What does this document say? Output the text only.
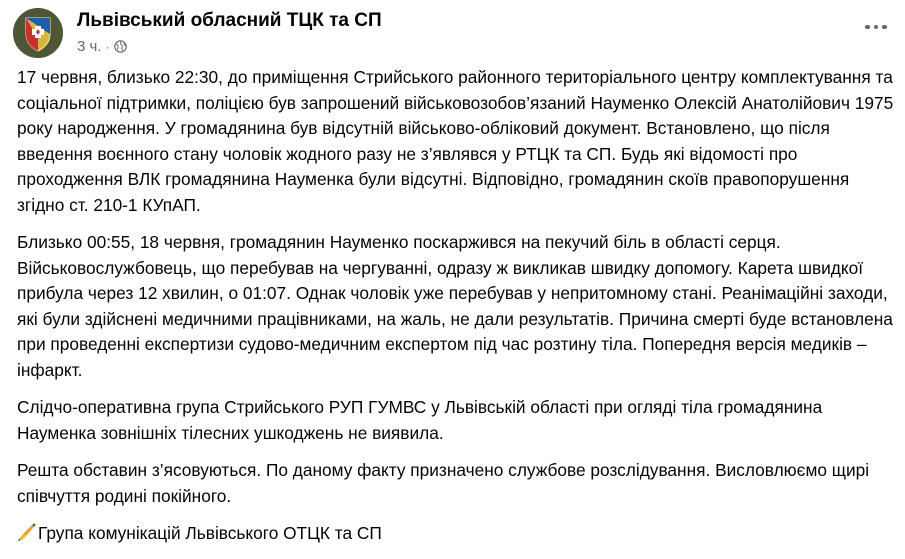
Львівський обласний ТЦК та СП
3 ч. ·

17 червня, близько 22:30, до приміщення Стрийського районного територіального центру комплектування та соціальної підтримки, поліцією був запрошений військовозобов’язаний Науменко Олексій Анатолійович 1975 року народження. У громадянина був відсутній військово-обліковий документ. Встановлено, що після введення воєнного стану чоловік жодного разу не з’являвся у РТЦК та СП. Будь які відомості про проходження ВЛК громадянина Науменка були відсутні. Відповідно, громадянин скоїв правопорушення згідно ст. 210-1 КУпАП.

Близько 00:55, 18 червня, громадянин Науменко поскаржився на пекучий біль в області серця. Військовослужбовець, що перебував на чергуванні, одразу ж викликав швидку допомогу. Карета швидкої прибула через 12 хвилин, о 01:07. Однак чоловік уже перебував у непритомному стані. Реанімаційні заходи, які були здійснені медичними працівниками, на жаль, не дали результатів. Причина смерті буде встановлена при проведенні експертизи судово-медичним експертом під час розтину тіла. Попередня версія медиків – інфаркт.

Слідчо-оперативна група Стрийського РУП ГУМВС у Львівській області при огляді тіла громадянина Науменка зовнішніх тілесних ушкоджень не виявила.

Решта обставин з’ясовуються. По даному факту призначено службове розслідування. Висловлюємо щирі співчуття родині покійного.

Група комунікацій Львівського ОТЦК та СП
